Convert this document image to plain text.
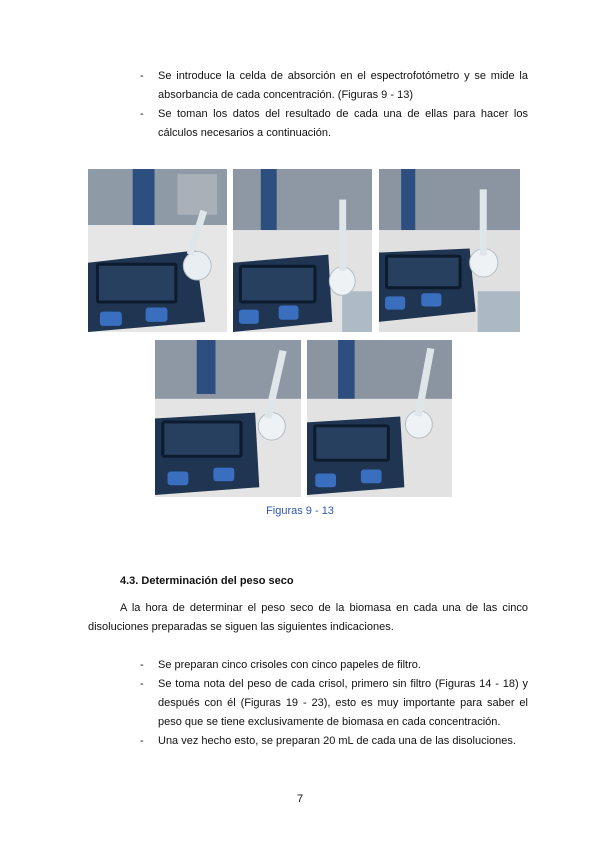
- Se introduce la celda de absorción en el espectrofotómetro y se mide la absorbancia de cada concentración. (Figuras 9 - 13)
- Se toman los datos del resultado de cada una de ellas para hacer los cálculos necesarios a continuación.
Figuras 9 - 13
4.3. Determinación del peso seco

A la hora de determinar el peso seco de la biomasa en cada una de las cinco disoluciones preparadas se siguen las siguientes indicaciones.

- Se preparan cinco crisoles con cinco papeles de filtro.
- Se toma nota del peso de cada crisol, primero sin filtro (Figuras 14 - 18) y después con él (Figuras 19 - 23), esto es muy importante para saber el peso que se tiene exclusivamente de biomasa en cada concentración.
- Una vez hecho esto, se preparan 20 mL de cada una de las disoluciones.
7
